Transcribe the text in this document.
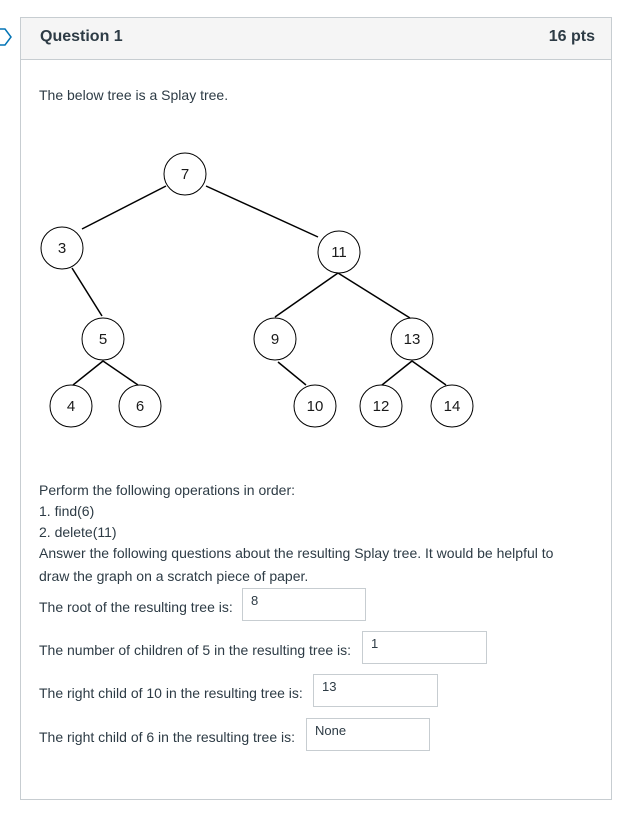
Question 1	16 pts
The below tree is a Splay tree.
7
3	11
5	9	13
4	6	10	12	14
Perform the following operations in order:
1. find(6)
2. delete(11)
Answer the following questions about the resulting Splay tree. It would be helpful to
draw the graph on a scratch piece of paper.
The root of the resulting tree is:	8
The number of children of 5 in the resulting tree is:	1
The right child of 10 in the resulting tree is:	13
The right child of 6 in the resulting tree is:	None
